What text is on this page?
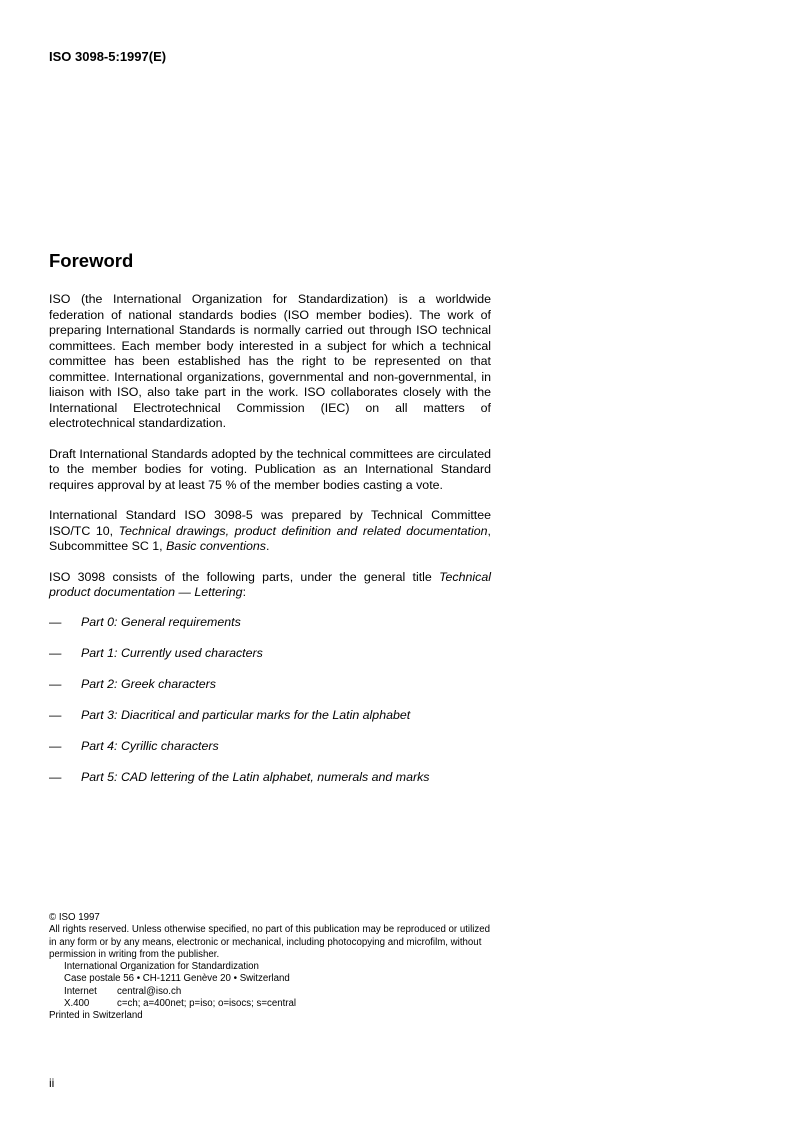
ISO 3098-5:1997(E)
Foreword

ISO (the International Organization for Standardization) is a worldwide federation of national standards bodies (ISO member bodies). The work of preparing International Standards is normally carried out through ISO technical committees. Each member body interested in a subject for which a technical committee has been established has the right to be represented on that committee. International organizations, governmental and non-governmental, in liaison with ISO, also take part in the work. ISO collaborates closely with the International Electrotechnical Commission (IEC) on all matters of electrotechnical standardization.

Draft International Standards adopted by the technical committees are circulated to the member bodies for voting. Publication as an International Standard requires approval by at least 75 % of the member bodies casting a vote.

International Standard ISO 3098-5 was prepared by Technical Committee ISO/TC 10, Technical drawings, product definition and related documentation, Subcommittee SC 1, Basic conventions.

ISO 3098 consists of the following parts, under the general title Technical product documentation — Lettering:

— Part 0: General requirements
— Part 1: Currently used characters
— Part 2: Greek characters
— Part 3: Diacritical and particular marks for the Latin alphabet
— Part 4: Cyrillic characters
— Part 5: CAD lettering of the Latin alphabet, numerals and marks
© ISO 1997
All rights reserved. Unless otherwise specified, no part of this publication may be reproduced or utilized in any form or by any means, electronic or mechanical, including photocopying and microfilm, without permission in writing from the publisher.
International Organization for Standardization
Case postale 56 • CH-1211 Genève 20 • Switzerland
Internet central@iso.ch
X.400	c=ch; a=400net; p=iso; o=isocs; s=central
Printed in Switzerland
ii
